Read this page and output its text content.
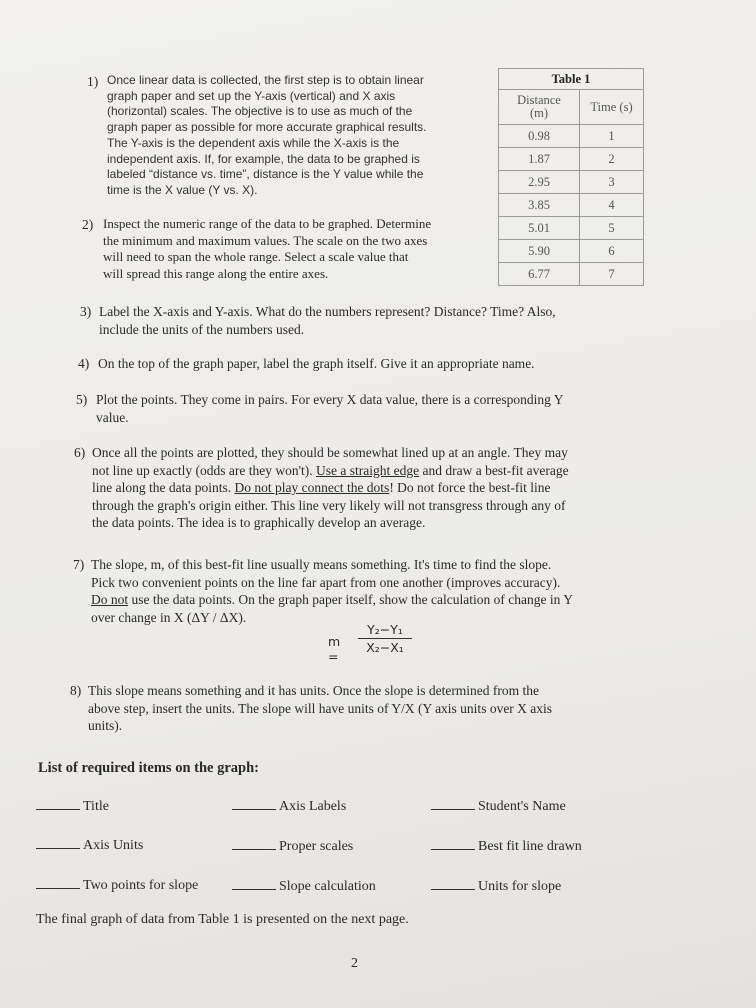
1) Once linear data is collected, the first step is to obtain linear
graph paper and set up the Y-axis (vertical) and X axis
(horizontal) scales. The objective is to use as much of the
graph paper as possible for more accurate graphical results.
The Y-axis is the dependent axis while the X-axis is the
independent axis. If, for example, the data to be graphed is
labeled “distance vs. time”, distance is the Y value while the
time is the X value (Y vs. X).
2) Inspect the numeric range of the data to be graphed. Determine
the minimum and maximum values. The scale on the two axes
will need to span the whole range. Select a scale value that
will spread this range along the entire axes.
Table 1	
Distance
(m)	Time (s)
0.98	1
1.87	2
2.95	3
3.85	4
5.01	5
5.90	6
6.77	7
3) Label the X-axis and Y-axis. What do the numbers represent? Distance? Time? Also,
include the units of the numbers used.
4) On the top of the graph paper, label the graph itself. Give it an appropriate name.
5) Plot the points. They come in pairs. For every X data value, there is a corresponding Y
value.
6) Once all the points are plotted, they should be somewhat lined up at an angle. They may
not line up exactly (odds are they won't). Use a straight edge and draw a best-fit average
line along the data points. Do not play connect the dots! Do not force the best-fit line
through the graph's origin either. This line very likely will not transgress through any of
the data points. The idea is to graphically develop an average.
7) The slope, m, of this best-fit line usually means something. It's time to find the slope.
Pick two convenient points on the line far apart from one another (improves accuracy).
Do not use the data points. On the graph paper itself, show the calculation of change in Y
over change in X (ΔY / ΔX).
m =
$\frac{\text{Y₂−Y₁}}{\text{X₂−X₁}}$
8) This slope means something and it has units. Once the slope is determined from the
above step, insert the units. The slope will have units of Y/X (Y axis units over X axis
units).
List of required items on the graph:
Title	Axis Labels	Student's Name
Axis Units	Proper scales	Best fit line drawn
Two points for slope	Slope calculation	Units for slope
The final graph of data from Table 1 is presented on the next page.
2
